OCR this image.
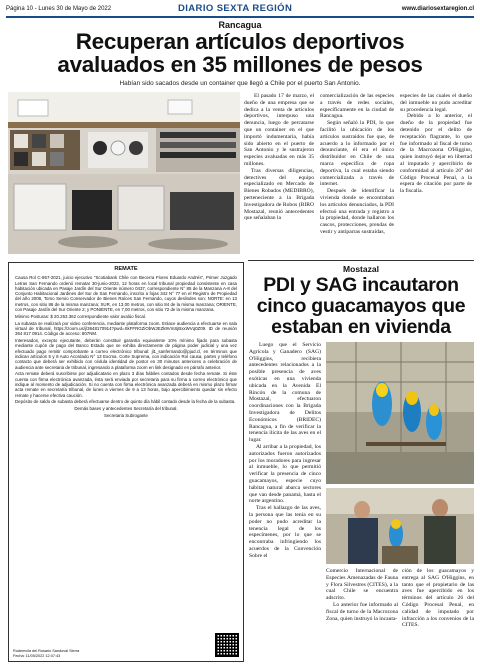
Página 10 - Lunes 30 de Mayo de 2022	DIARIO SEXTA REGIÓN	www.diariosextaregion.cl
Rancagua
Recuperan artículos deportivos
avaluados en 35 millones de pesos
Habían sido sacados desde un container que llegó a Chile por el puerto San Antonio.

El pasado 17 de marzo, el dueño de una empresa que se dedica a la venta de artículos deportivos, interpuso una denuncia, luego de percatarse que un container en el que importó indumentaria, había sido abierto en el puerto de San Antonio y le sustrajeron especies avaluadas en más 35 millones.

Tras diversas diligencias, detectives del equipo especializado en Mercado de Bienes Robados (MEDIBRO), perteneciente a la Brigada Investigadora de Robos (BIRO Mostazal, reunió antecedentes que señalaban la

comercialización de las especies a través de redes sociales, específicamente en la ciudad de Rancagua.

Según señaló la PDI, lo que facilitó la ubicación de los artículos sustraídos fue que, de acuerdo a lo informado por el denunciante, él era el único distribuidor en Chile de una marca específica de ropa deportiva, la cual estaba siendo comercializada a través de internet.

Después de identificar la vivienda donde se encontraban los artículos denunciados, la PDI efectuó una entrada y registro a la propiedad, donde hallaron los cascos, protecciones, prendas de vestir y antiparras sustraídas,

especies de las cuales el dueño del inmueble no pudo acreditar su procedencia legal.

Debido a lo anterior, el dueño de la propiedad fue detenido por el delito de receptación flagrante, lo que fue informado al fiscal de turno de la Macrozona O'Higgins, quien instruyó dejar en libertad al imputado y apercibirlo de conformidad al artículo 26° del Código Procesal Penal, a la espera de citación por parte de la fiscalía.

REMATE

Causa Rol C-957-2021, juicio ejecutivo "Scotiabank Chile con Becerra Flores Eduardo Andrés", Primer Juzgado Letras San Fernando ordenó rematar 30-junio-2022, 12 horas en local tribunal propiedad consistente en casa habitación ubicada en Pasaje Jardín del Sur Oriente número 0437, correspondiente N° 85 de la Manzana A-8 del Conjunto Habitacional Jardines del Sur de San Fernando, inscrito a fojas 342 N° 77 en el Registro de Propiedad del año 2008, Tomo Servio Conservador de Bienes Raíces San Fernando, cuyos deslindes son: NORTE: en 13 metros, con sitio 86 de la misma manzana; SUR, en 13,00 metros, con sitio 84 de la misma manzana; ORIENTE, con Pasaje Jardín del Sur Oriente 2; y PONIENTE, en 7,00 metros, con sitio 72 de la misma manzana.

Mínimo Posturas: $ 20.253.362 correspondiente valor avalúo fiscal.

La subasta se realizará por video conferencia, mediante plataforma zoom. Enlace audiencia a efectuarse en sala virtual de tribunal, https://zoom.us/j/3648170914?pwd=SkFFRGZiObWJEZk9VmSjBxxWVq0Z09. ID de reunión 364 817 0914. Código de acceso: 807NM.

Interesados, excepto ejecutante, deberán constituir garantía equivalente 10% mínimo fijado para subasta mediante cupón de pago del Banco Estado que se exhiba directamente de página poder judicial y una vez efectuado pago remitir comprobante a correo electrónico tribunal: jl1_sanfernando@pjud.cl, en términos que indican artículos 5 y 8 Auto Acordado N° 13 Excma. Corte Suprema, con indicación Rol causa, partes y teléfono contacto que deberá ser exhibido con cédula identidad de postor en 30 minutos anteriores a celebración de audiencia ante secretaria de tribunal, ingresando a plataforma zoom en link designado en párrafo anterior.

Acta remate deberá suscribirse por adjudicatario en plazo 3 días hábiles contados desde fecha remate. Si éste cuenta con firma electrónica avanzada, ésta será enviada por secretaria para su firma a correo electrónico que indique al momento de adjudicación. Si no cuenta con firma electrónica avanzada deberá en mismo plazo firmar acta remate en secretaría tribunal, de lunes a viernes de 9 a 13 horas, bajo apercibimiento quedar sin efecto remate y hacerse efectiva caución.

Depósito de saldo de subasta deberá efectuarse dentro de quinto día hábil contado desde la fecha de la subasta.

Demás bases y antecedentes Secretaría del tribunal.

Secretaria Subrogante
Rudemvila del Rosario Sandoval Sierra
Fecha: 11/05/2022 12:07:43
Mostazal
PDI y SAG incautaron
cinco guacamayos que
estaban en vivienda

Luego que el Servicio Agrícola y Ganadero (SAG) O'Higgins, recibiera antecedentes relacionados a la posible presencia de aves exóticas en una vivienda ubicada en la Avenida El Rincón de la comuna de Mostazal, efectuaron coordinaciones con la Brigada Investigadora de Delitos Económicos (BRIDEC) Rancagua, a fin de verificar la tenencia ilícita de las aves en el lugar.

Al arribar a la propiedad, los autorizados fueron autorizados por los moradores para ingresar al inmueble, lo que permitió verificar la presencia de cinco guacamayos, especie cuyo hábitat natural abarca sectores que van desde panamá, hasta el norte argentino.

Tras el hallazgo de las aves, la persona que las tenía en su poder no pudo acreditar la tenencia legal de los especímenes, por lo que se encontraba infringiendo los acuerdos de la Convención Sobre el

Comercio Internacional de Especies Amenazadas de Fauna y Flora Silvestres (CITES), a la cual Chile se encuentra adscrito.

Lo anterior fue informado al fiscal de turno de la Macrozona Zona, quien instruyó la incauta-

ción de los guacamayos y entrega al SAG O'Higgins, en tanto que el propietario de las aves fue apercibido en los términos del artículo 26 del Código Procesal Penal, en calidad de imputado por infracción a los convenios de la CITES.
